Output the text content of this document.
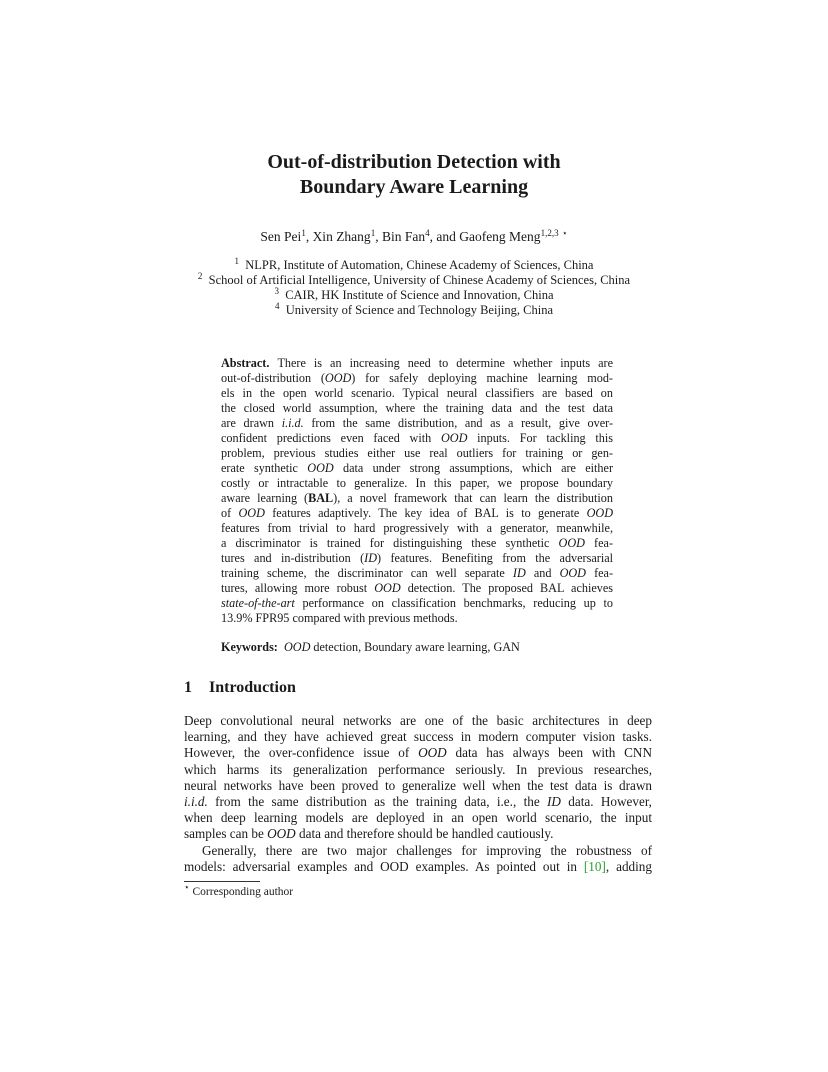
Out-of-distribution Detection with
Boundary Aware Learning
Sen Pei$^1$, Xin Zhang$^1$, Bin Fan$^4$, and Gaofeng Meng$^{1,2,3}$ ⋆
$^1$ NLPR, Institute of Automation, Chinese Academy of Sciences, China
$^2$ School of Artificial Intelligence, University of Chinese Academy of Sciences, China
$^3$ CAIR, HK Institute of Science and Innovation, China
$^4$ University of Science and Technology Beijing, China
Abstract. There is an increasing need to determine whether inputs are
out-of-distribution (OOD) for safely deploying machine learning mod-
els in the open world scenario. Typical neural classifiers are based on
the closed world assumption, where the training data and the test data
are drawn i.i.d. from the same distribution, and as a result, give over-
confident predictions even faced with OOD inputs. For tackling this
problem, previous studies either use real outliers for training or gen-
erate synthetic OOD data under strong assumptions, which are either
costly or intractable to generalize. In this paper, we propose boundary
aware learning (BAL), a novel framework that can learn the distribution
of OOD features adaptively. The key idea of BAL is to generate OOD
features from trivial to hard progressively with a generator, meanwhile,
a discriminator is trained for distinguishing these synthetic OOD fea-
tures and in-distribution (ID) features. Benefiting from the adversarial
training scheme, the discriminator can well separate ID and OOD fea-
tures, allowing more robust OOD detection. The proposed BAL achieves
state-of-the-art performance on classification benchmarks, reducing up to
13.9% FPR95 compared with previous methods.
Keywords: OOD detection, Boundary aware learning, GAN
1 Introduction
Deep convolutional neural networks are one of the basic architectures in deep
learning, and they have achieved great success in modern computer vision tasks.
However, the over-confidence issue of OOD data has always been with CNN
which harms its generalization performance seriously. In previous researches,
neural networks have been proved to generalize well when the test data is drawn
i.i.d. from the same distribution as the training data, i.e., the ID data. However,
when deep learning models are deployed in an open world scenario, the input
samples can be OOD data and therefore should be handled cautiously.
Generally, there are two major challenges for improving the robustness of
models: adversarial examples and OOD examples. As pointed out in [10], adding
⋆ Corresponding author
